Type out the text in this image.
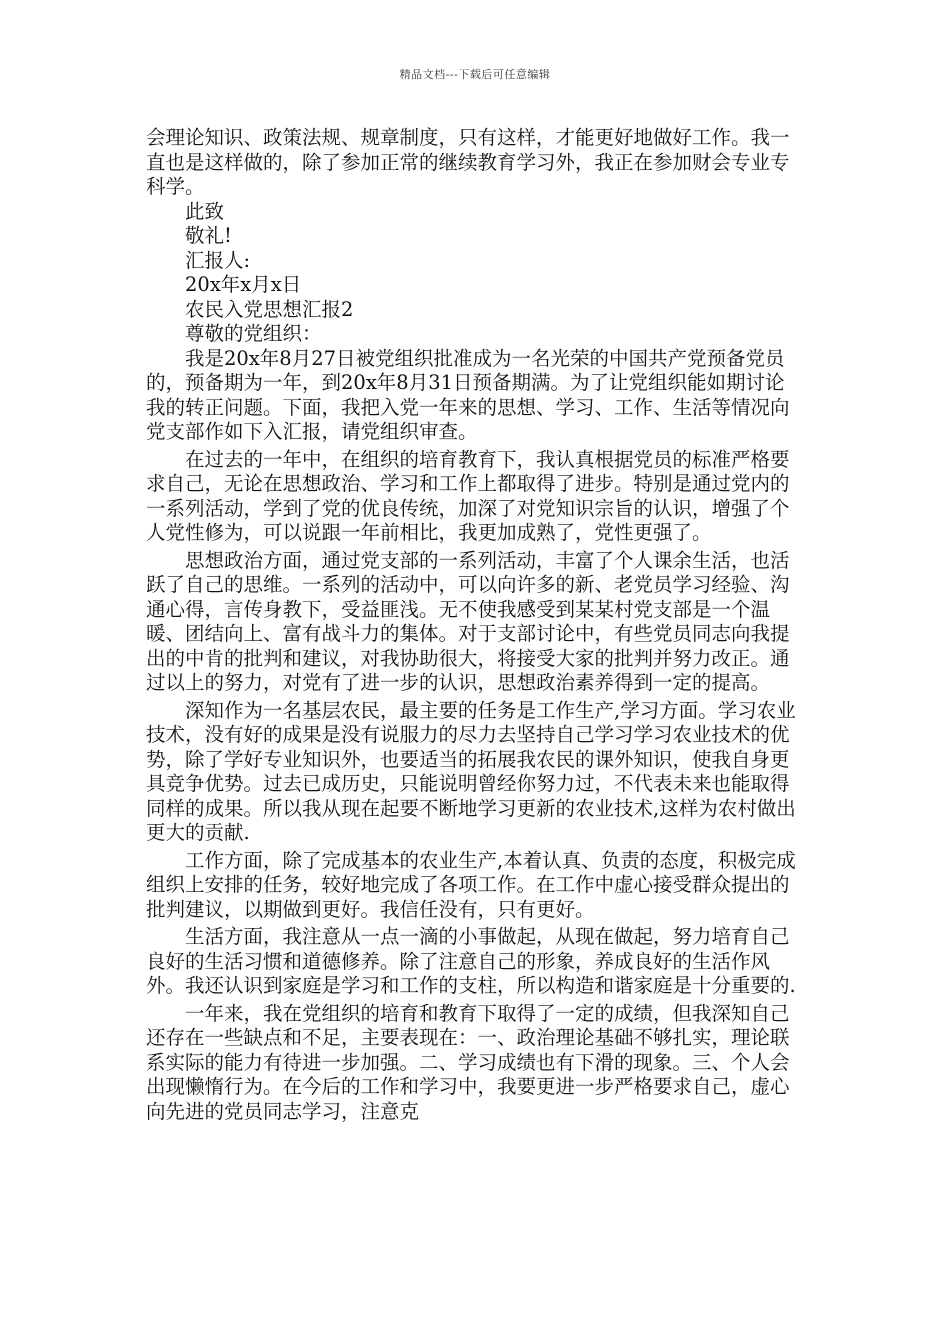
精品文档---下载后可任意编辑

会理论知识、政策法规、规章制度，只有这样，才能更好地做好工作。我一直也是这样做的，除了参加正常的继续教育学习外，我正在参加财会专业专科学。

此致

敬礼!

汇报人:

20x年x月x日

农民入党思想汇报2

尊敬的党组织：

我是20x年8月27日被党组织批准成为一名光荣的中国共产党预备党员的，预备期为一年，到20x年8月31日预备期满。为了让党组织能如期讨论我的转正问题。下面，我把入党一年来的思想、学习、工作、生活等情况向党支部作如下入汇报，请党组织审查。

在过去的一年中，在组织的培育教育下，我认真根据党员的标准严格要求自己，无论在思想政治、学习和工作上都取得了进步。特别是通过党内的一系列活动，学到了党的优良传统，加深了对党知识宗旨的认识，增强了个人党性修为，可以说跟一年前相比，我更加成熟了，党性更强了。

思想政治方面，通过党支部的一系列活动，丰富了个人课余生活，也活跃了自己的思维。一系列的活动中，可以向许多的新、老党员学习经验、沟通心得，言传身教下，受益匪浅。无不使我感受到某某村党支部是一个温暖、团结向上、富有战斗力的集体。对于支部讨论中，有些党员同志向我提出的中肯的批判和建议，对我协助很大，将接受大家的批判并努力改正。通过以上的努力，对党有了进一步的认识，思想政治素养得到一定的提高。

深知作为一名基层农民，最主要的任务是工作生产,学习方面。学习农业技术，没有好的成果是没有说服力的尽力去坚持自己学习学习农业技术的优势，除了学好专业知识外，也要适当的拓展我农民的课外知识，使我自身更具竞争优势。过去已成历史，只能说明曾经你努力过，不代表未来也能取得同样的成果。所以我从现在起要不断地学习更新的农业技术,这样为农村做出更大的贡献.

工作方面，除了完成基本的农业生产,本着认真、负责的态度，积极完成组织上安排的任务，较好地完成了各项工作。在工作中虚心接受群众提出的批判建议，以期做到更好。我信任没有，只有更好。

生活方面，我注意从一点一滴的小事做起，从现在做起，努力培育自己良好的生活习惯和道德修养。除了注意自己的形象，养成良好的生活作风外。我还认识到家庭是学习和工作的支柱，所以构造和谐家庭是十分重要的.

一年来，我在党组织的培育和教育下取得了一定的成绩，但我深知自己还存在一些缺点和不足，主要表现在：一、政治理论基础不够扎实，理论联系实际的能力有待进一步加强。二、学习成绩也有下滑的现象。三、个人会出现懒惰行为。在今后的工作和学习中，我要更进一步严格要求自己，虚心向先进的党员同志学习，注意克
